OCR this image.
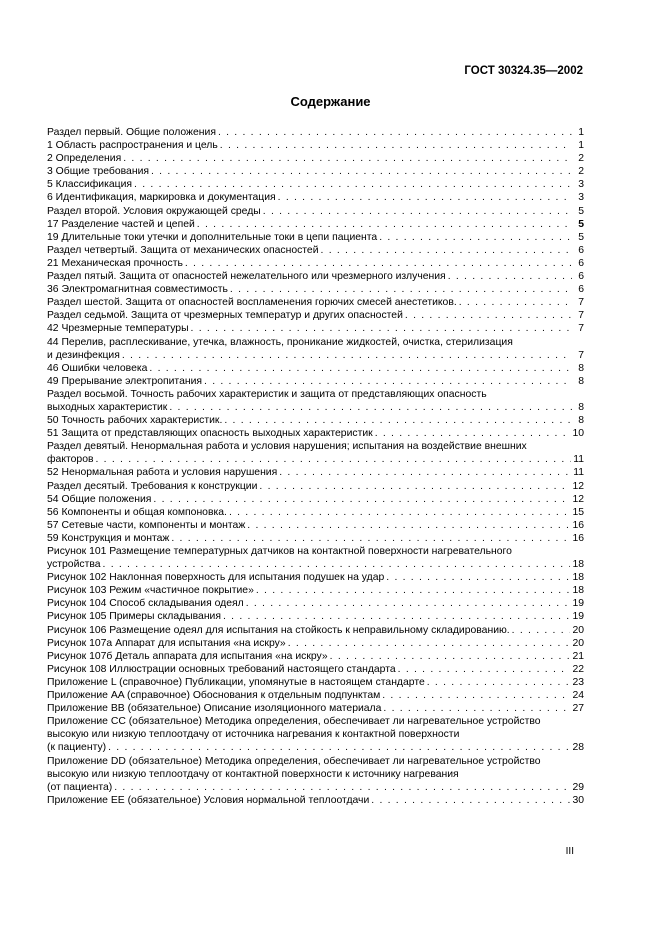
ГОСТ 30324.35—2002
Содержание
Раздел первый. Общие положения . . .	1
1 Область распространения и цель . . .	1
2 Определения . . .	2
3 Общие требования . . .	2
5 Классификация . . .	3
6 Идентификация, маркировка и документация . . .	3
Раздел второй. Условия окружающей среды . . .	5
17 Разделение частей и цепей . . .	5
19 Длительные токи утечки и дополнительные токи в цепи пациента . . .	5
Раздел четвертый. Защита от механических опасностей . . .	6
21 Механическая прочность . . .	6
Раздел пятый. Защита от опасностей нежелательного или чрезмерного излучения . . .	6
36 Электромагнитная совместимость . . .	6
Раздел шестой. Защита от опасностей воспламенения горючих смесей анестетиков. . . .	7
Раздел седьмой. Защита от чрезмерных температур и других опасностей . . .	7
42 Чрезмерные температуры . . .	7
44 Перелив, расплескивание, утечка, влажность, проникание жидкостей, очистка, стерилизация
и дезинфекция . . .	7
46 Ошибки человека . . .	8
49 Прерывание электропитания . . .	8
Раздел восьмой. Точность рабочих характеристик и защита от представляющих опасность
выходных характеристик . . .	8
50 Точность рабочих характеристик. . . .	8
51 Защита от представляющих опасность выходных характеристик . . .	10
Раздел девятый. Ненормальная работа и условия нарушения; испытания на воздействие внешних
факторов . . .	11
52 Ненормальная работа и условия нарушения . . .	11
Раздел десятый. Требования к конструкции . . .	12
54 Общие положения . . .	12
56 Компоненты и общая компоновка. . . .	15
57 Сетевые части, компоненты и монтаж . . .	16
59 Конструкция и монтаж . . .	16
Рисунок 101 Размещение температурных датчиков на контактной поверхности нагревательного
устройства . . .	18
Рисунок 102 Наклонная поверхность для испытания подушек на удар . . .	18
Рисунок 103 Режим «частичное покрытие» . . .	18
Рисунок 104 Способ складывания одеял . . .	19
Рисунок 105 Примеры складывания . . .	19
Рисунок 106 Размещение одеял для испытания на стойкость к неправильному складированию. . . .	20
Рисунок 107а Аппарат для испытания «на искру» . . .	20
Рисунок 107б Деталь аппарата для испытания «на искру» . . .	21
Рисунок 108 Иллюстрации основных требований настоящего стандарта . . .	22
Приложение L (справочное) Публикации, упомянутые в настоящем стандарте . . .	23
Приложение AA (справочное) Обоснования к отдельным подпунктам . . .	24
Приложение BB (обязательное) Описание изоляционного материала . . .	27
Приложение CC (обязательное) Методика определения, обеспечивает ли нагревательное устройство
высокую или низкую теплоотдачу от источника нагревания к контактной поверхности
(к пациенту) . . .	28
Приложение DD (обязательное) Методика определения, обеспечивает ли нагревательное устройство
высокую или низкую теплоотдачу от контактной поверхности к источнику нагревания
(от пациента) . . .	29
Приложение EE (обязательное) Условия нормальной теплоотдачи . . .	30
III
